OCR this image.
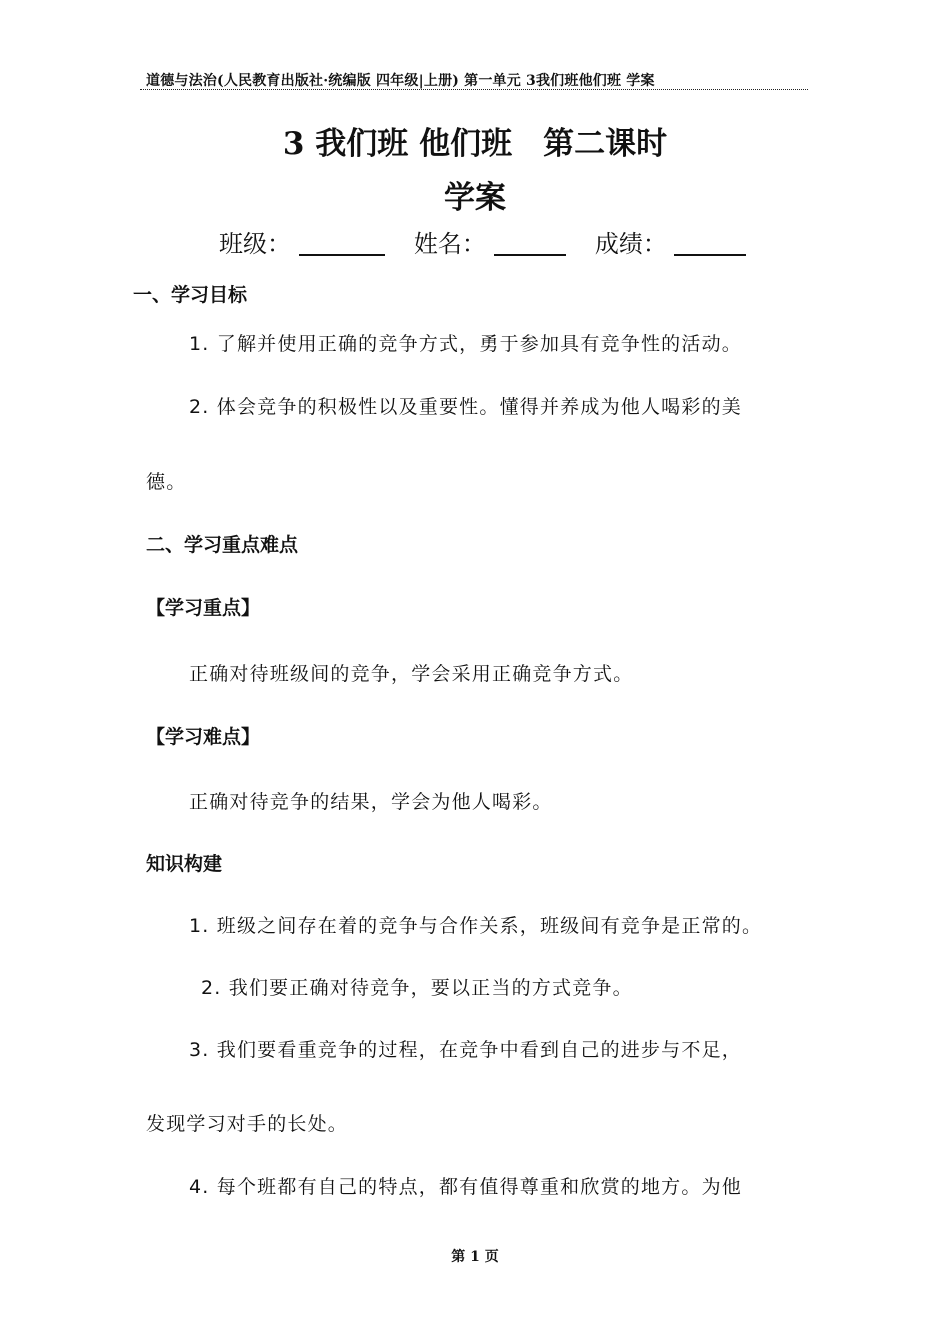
道德与法治(人民教育出版社·统编版 四年级|上册) 第一单元 3我们班他们班 学案
3 我们班 他们班　第二课时
学案
班级：	姓名：	成绩：
一、学习目标
1. 了解并使用正确的竞争方式，勇于参加具有竞争性的活动。
2. 体会竞争的积极性以及重要性。懂得并养成为他人喝彩的美
德。
二、学习重点难点
【学习重点】
正确对待班级间的竞争，学会采用正确竞争方式。
【学习难点】
正确对待竞争的结果，学会为他人喝彩。
知识构建
1. 班级之间存在着的竞争与合作关系，班级间有竞争是正常的。
2. 我们要正确对待竞争，要以正当的方式竞争。
3. 我们要看重竞争的过程，在竞争中看到自己的进步与不足，
发现学习对手的长处。
4. 每个班都有自己的特点，都有值得尊重和欣赏的地方。为他
第 1 页
